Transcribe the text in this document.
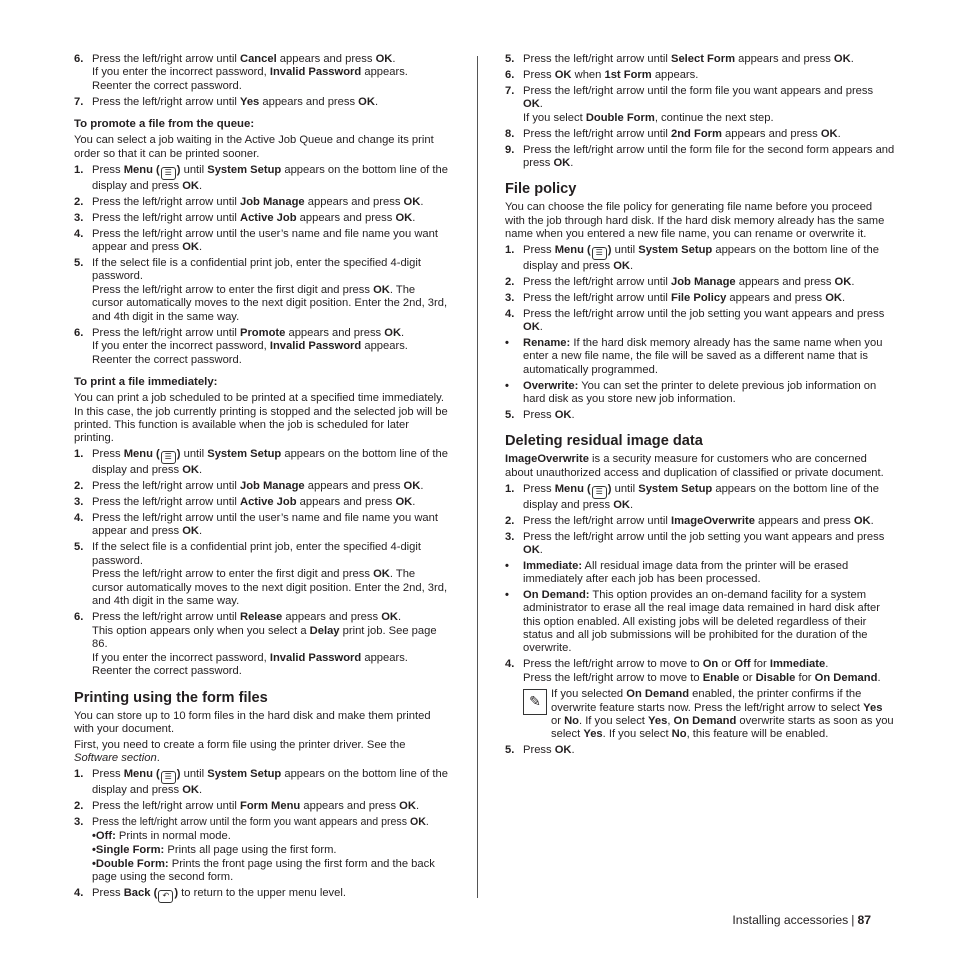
6. Press the left/right arrow until Cancel appears and press OK.

If you enter the incorrect password, Invalid Password appears. Reenter the correct password.

7. Press the left/right arrow until Yes appears and press OK.

To promote a file from the queue:

You can select a job waiting in the Active Job Queue and change its print order so that it can be printed sooner.

1. Press Menu ( ☰ ) until System Setup appears on the bottom line of the display and press OK.

2. Press the left/right arrow until Job Manage appears and press OK.

3. Press the left/right arrow until Active Job appears and press OK.

4. Press the left/right arrow until the user’s name and file name you want appear and press OK.

5. If the select file is a confidential print job, enter the specified 4-digit password.

Press the left/right arrow to enter the first digit and press OK. The cursor automatically moves to the next digit position. Enter the 2nd, 3rd, and 4th digit in the same way.

6. Press the left/right arrow until Promote appears and press OK.

If you enter the incorrect password, Invalid Password appears. Reenter the correct password.

To print a file immediately:

You can print a job scheduled to be printed at a specified time immediately. In this case, the job currently printing is stopped and the selected job will be printed. This function is available when the job is scheduled for later printing.

1. Press Menu ( ☰ ) until System Setup appears on the bottom line of the display and press OK.

2. Press the left/right arrow until Job Manage appears and press OK.

3. Press the left/right arrow until Active Job appears and press OK.

4. Press the left/right arrow until the user’s name and file name you want appear and press OK.

5. If the select file is a confidential print job, enter the specified 4-digit password.

Press the left/right arrow to enter the first digit and press OK. The cursor automatically moves to the next digit position. Enter the 2nd, 3rd, and 4th digit in the same way.

6. Press the left/right arrow until Release appears and press OK.

This option appears only when you select a Delay print job. See page 86.

If you enter the incorrect password, Invalid Password appears. Reenter the correct password.

Printing using the form files

You can store up to 10 form files in the hard disk and make them printed with your document.

First, you need to create a form file using the printer driver. See the Software section.

1. Press Menu ( ☰ ) until System Setup appears on the bottom line of the display and press OK.

2. Press the left/right arrow until Form Menu appears and press OK.

3. Press the left/right arrow until the form you want appears and press OK.

•Off: Prints in normal mode.

•Single Form: Prints all page using the first form.

•Double Form: Prints the front page using the first form and the back page using the second form.

4. Press Back ( ↶ ) to return to the upper menu level.

5. Press the left/right arrow until Select Form appears and press OK.

6. Press OK when 1st Form appears.

7. Press the left/right arrow until the form file you want appears and press OK.

If you select Double Form, continue the next step.

8. Press the left/right arrow until 2nd Form appears and press OK.

9. Press the left/right arrow until the form file for the second form appears and press OK.

File policy

You can choose the file policy for generating file name before you proceed with the job through hard disk. If the hard disk memory already has the same name when you entered a new file name, you can rename or overwrite it.

1. Press Menu ( ☰ ) until System Setup appears on the bottom line of the display and press OK.

2. Press the left/right arrow until Job Manage appears and press OK.

3. Press the left/right arrow until File Policy appears and press OK.

4. Press the left/right arrow until the job setting you want appears and press OK.

• Rename: If the hard disk memory already has the same name when you enter a new file name, the file will be saved as a different name that is automatically programmed.

• Overwrite: You can set the printer to delete previous job information on hard disk as you store new job information.

5. Press OK.

Deleting residual image data

ImageOverwrite is a security measure for customers who are concerned about unauthorized access and duplication of classified or private document.

1. Press Menu ( ☰ ) until System Setup appears on the bottom line of the display and press OK.

2. Press the left/right arrow until ImageOverwrite appears and press OK.

3. Press the left/right arrow until the job setting you want appears and press OK.

• Immediate: All residual image data from the printer will be erased immediately after each job has been processed.

• On Demand: This option provides an on-demand facility for a system administrator to erase all the real image data remained in hard disk after this option enabled. All existing jobs will be deleted regardless of their status and all job submissions will be prohibited for the duration of the overwrite.

4. Press the left/right arrow to move to On or Off for Immediate.

Press the left/right arrow to move to Enable or Disable for On Demand.

✎ If you selected On Demand enabled, the printer confirms if the overwrite feature starts now. Press the left/right arrow to select Yes or No. If you select Yes, On Demand overwrite starts as soon as you select Yes. If you select No, this feature will be enabled.

5. Press OK.

Installing accessories | 87
